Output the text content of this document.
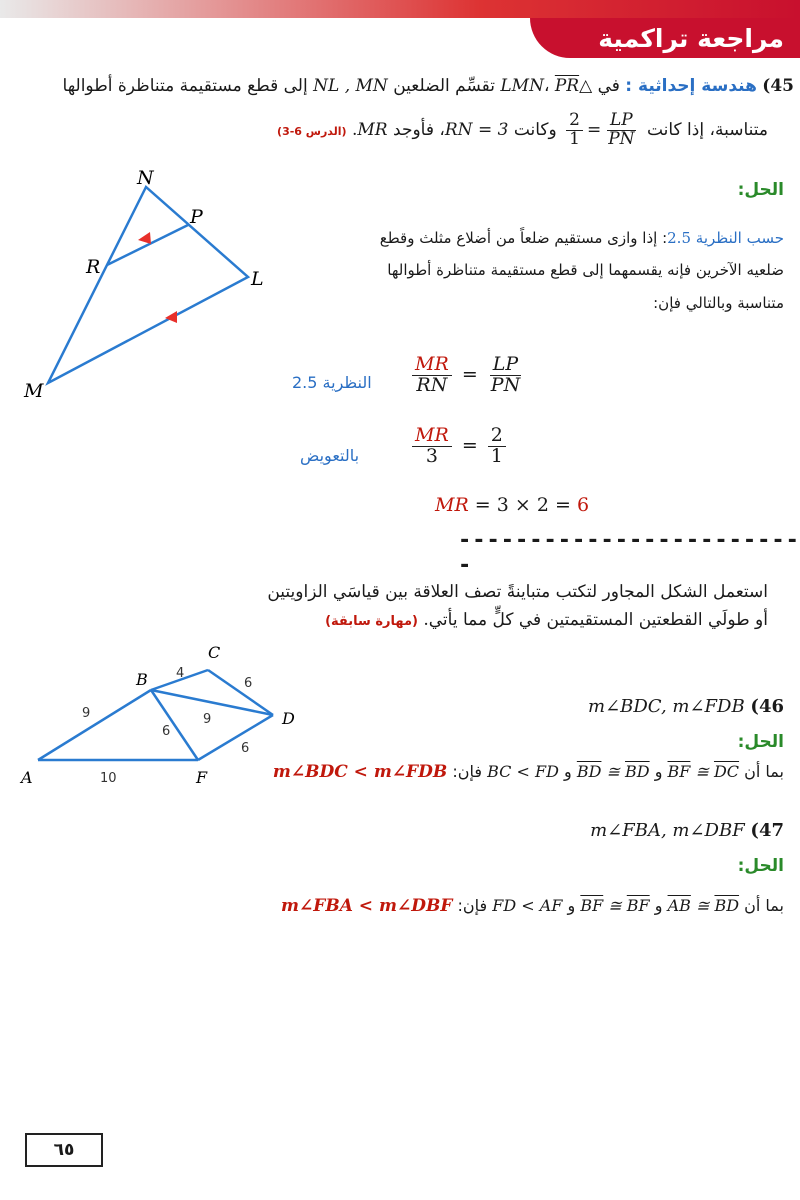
مراجعة تراكمية
45) هندسة إحداثية : في △LMN، PR تقسِّم الضلعين NL , MN إلى قطع مستقيمة متناظرة أطوالها
متناسبة، إذا كانت
$\frac{LP}{PN}$
=
$\frac{2}{1}$
وكانت RN = 3، فأوجد MR. (الدرس 6-3)
N
P
R
L
M
الحل:
حسب النظرية 2.5: إذا وازى مستقيم ضلعاً من أضلاع مثلث وقطع
ضلعيه الآخرين فإنه يقسمهما إلى قطع مستقيمة متناظرة أطوالها
متناسبة وبالتالي فإن:
النظرية $2.5 \frac{MR}{RN} = \frac{LP}{PN}$
بالتعويض	$\frac{MR}{3} = \frac{2}{1}$
MR = 3 × 2 = 6
-------------------------
استعمل الشكل المجاور لتكتب متباينةً تصف العلاقة بين قياسَي الزاويتين
أو طولَي القطعتين المستقيمتين في كلٍّ مما يأتي. (مهارة سابقة)
A
B
C
D
F
4
6
9	9
6
6
10
m∠BDC, m∠FDB (46
الحل:
بما أن BF ≅ DC و BD ≅ BD و BC < FD فإن: m∠BDC < m∠FDB
m∠FBA, m∠DBF (47
الحل:
بما أن AB ≅ BD و BF ≅ BF و FD < AF فإن: m∠FBA < m∠DBF
٦٥
